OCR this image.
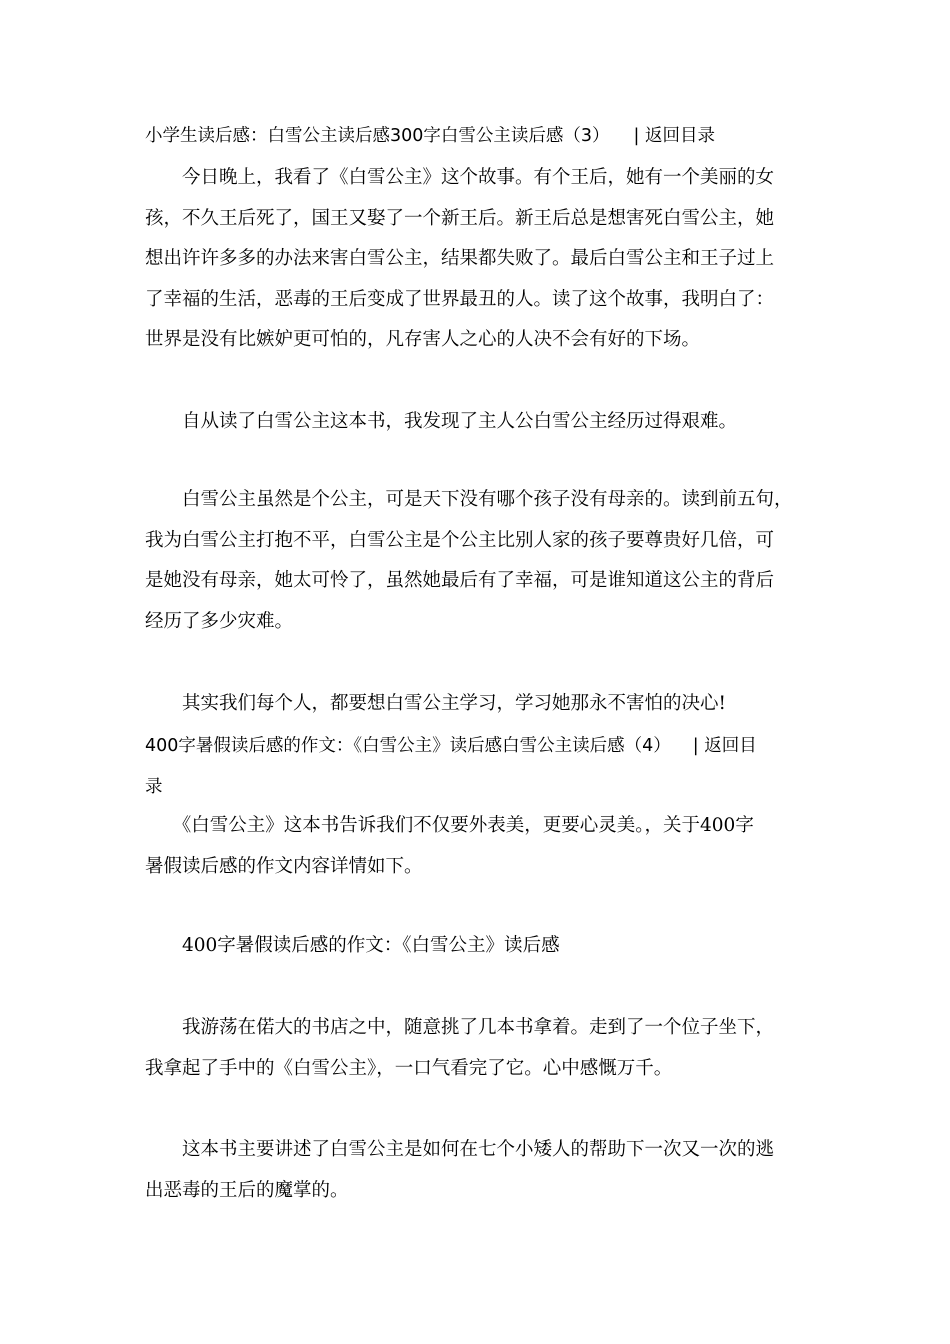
小学生读后感：白雪公主读后感300字白雪公主读后感（3） | 返回目录
　　今日晚上，我看了《白雪公主》这个故事。有个王后，她有一个美丽的女
孩，不久王后死了，国王又娶了一个新王后。新王后总是想害死白雪公主，她
想出许许多多的办法来害白雪公主，结果都失败了。最后白雪公主和王子过上
了幸福的生活，恶毒的王后变成了世界最丑的人。读了这个故事，我明白了：
世界是没有比嫉妒更可怕的，凡存害人之心的人决不会有好的下场。
　　自从读了白雪公主这本书，我发现了主人公白雪公主经历过得艰难。
　　白雪公主虽然是个公主，可是天下没有哪个孩子没有母亲的。读到前五句，
我为白雪公主打抱不平，白雪公主是个公主比别人家的孩子要尊贵好几倍，可
是她没有母亲，她太可怜了，虽然她最后有了幸福，可是谁知道这公主的背后
经历了多少灾难。
　　其实我们每个人，都要想白雪公主学习，学习她那永不害怕的决心!
400字暑假读后感的作文：《白雪公主》读后感白雪公主读后感（4） | 返回目
录
　　《白雪公主》这本书告诉我们不仅要外表美，更要心灵美。，关于400字
暑假读后感的作文内容详情如下。
　　400字暑假读后感的作文：《白雪公主》读后感
　　我游荡在偌大的书店之中，随意挑了几本书拿着。走到了一个位子坐下，
我拿起了手中的《白雪公主》，一口气看完了它。心中感慨万千。
　　这本书主要讲述了白雪公主是如何在七个小矮人的帮助下一次又一次的逃
出恶毒的王后的魔掌的。
